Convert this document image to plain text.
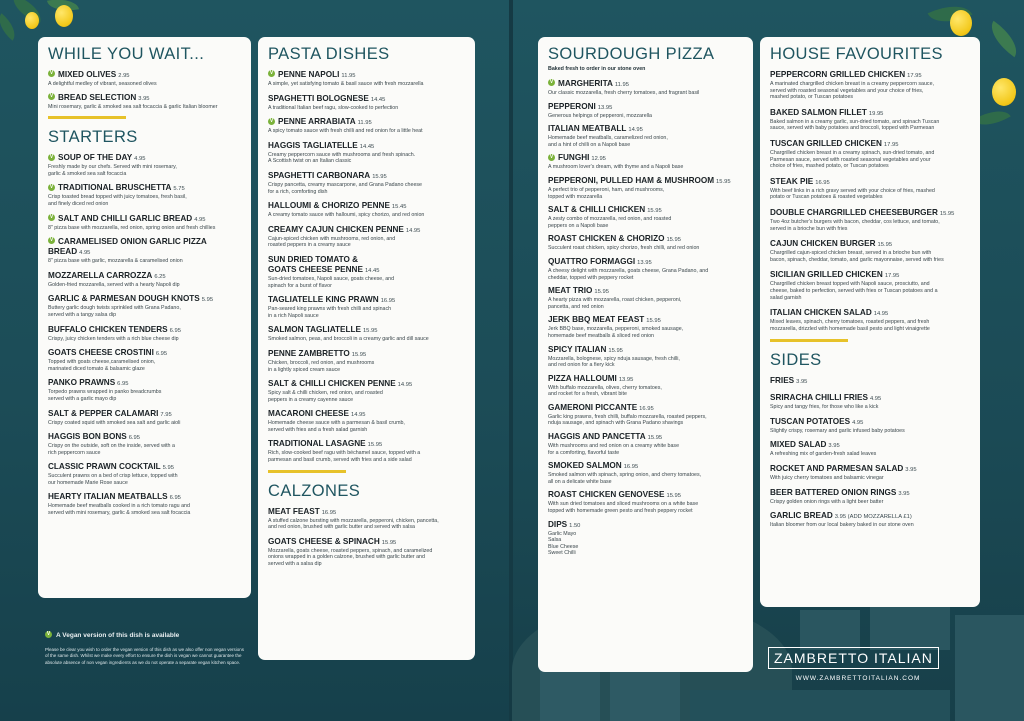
WHILE YOU WAIT...
V MIXED OLIVES 2.95
A delightful medley of vibrant, seasoned olives
V BREAD SELECTION 3.95
Mini rosemary, garlic & smoked sea salt focaccia & garlic Italian bloomer
STARTERS
V SOUP OF THE DAY 4.95
Freshly made by our chefs. Served with mini rosemary,
garlic & smoked sea salt focaccia
V TRADITIONAL BRUSCHETTA 5.75
Crisp toasted bread topped with juicy tomatoes, fresh basil,
and finely diced red onion
V SALT AND CHILLI GARLIC BREAD 4.95
8" pizza base with mozzarella, red onion, spring onion and fresh chillies
V CARAMELISED ONION GARLIC PIZZA BREAD 4.95
8" pizza base with garlic, mozzarella & caramelised onion
MOZZARELLA CARROZZA 6.25
Golden-fried mozzarella, served with a hearty Napoli dip
GARLIC & PARMESAN DOUGH KNOTS 5.95
Buttery garlic dough twists sprinkled with Grana Padano,
served with a tangy salsa dip
BUFFALO CHICKEN TENDERS 6.95
Crispy, juicy chicken tenders with a rich blue cheese dip
GOATS CHEESE CROSTINI 6.95
Topped with goats cheese,caramelised onion,
marinated diced tomato & balsamic glaze
PANKO PRAWNS 6.95
Torpedo prawns wrapped in panko breadcrumbs
served with a garlic mayo dip
SALT & PEPPER CALAMARI 7.95
Crispy coated squid with smoked sea salt and garlic aioli
HAGGIS BON BONS 6.95
Crispy on the outside, soft on the inside, served with a
rich peppercorn sauce
CLASSIC PRAWN COCKTAIL 5.95
Succulent prawns on a bed of crisp lettuce, topped with
our homemade Marie Rose sauce
HEARTY ITALIAN MEATBALLS 6.95
Homemade beef meatballs cooked in a rich tomato ragu and
served with mini rosemary, garlic & smoked sea salt focaccia
PASTA DISHES
V PENNE NAPOLI 11.95
A simple, yet satisfying tomato & basil sauce with fresh mozzarella
SPAGHETTI BOLOGNESE 14.45
A traditional Italian beef ragu, slow-cooked to perfection
V PENNE ARRABIATA 11.95
A spicy tomato sauce with fresh chilli and red onion for a little heat
HAGGIS TAGLIATELLE 14.45
Creamy peppercorn sauce with mushrooms and fresh spinach.
A Scottish twist on an Italian classic
SPAGHETTI CARBONARA 15.95
Crispy pancetta, creamy mascarpone, and Grana Padano cheese
for a rich, comforting dish
HALLOUMI & CHORIZO PENNE 15.45
A creamy tomato sauce with halloumi, spicy chorizo, and red onion
CREAMY CAJUN CHICKEN PENNE 14.95
Cajun-spiced chicken with mushrooms, red onion, and
roasted peppers in a creamy sauce
SUN DRIED TOMATO &
GOATS CHEESE PENNE 14.45
Sun-dried tomatoes, Napoli sauce, goats cheese, and
spinach for a burst of flavor
TAGLIATELLE KING PRAWN 16.95
Pan-seared king prawns with fresh chilli and spinach
in a rich Napoli sauce
SALMON TAGLIATELLE 15.95
Smoked salmon, peas, and broccoli in a creamy garlic and dill sauce
PENNE ZAMBRETTO 15.95
Chicken, broccoli, red onion, and mushrooms
in a lightly spiced cream sauce
SALT & CHILLI CHICKEN PENNE 14.95
Spicy salt & chilli chicken, red onion, and roasted
peppers in a creamy cayenne sauce
MACARONI CHEESE 14.95
Homemade cheese sauce with a parmesan & basil crumb,
served with fries and a fresh salad garnish
TRADITIONAL LASAGNE 15.95
Rich, slow-cooked beef ragu with béchamel sauce, topped with a
parmesan and basil crumb, served with fries and a side salad
CALZONES
MEAT FEAST 16.95
A stuffed calzone bursting with mozzarella, pepperoni, chicken, pancetta,
and red onion, brushed with garlic butter and served with salsa
GOATS CHEESE & SPINACH 15.95
Mozzarella, goats cheese, roasted peppers, spinach, and caramelized
onions wrapped in a golden calzone, brushed with garlic butter and
served with a salsa dip
SOURDOUGH PIZZA
Baked fresh to order in our stone oven
V MARGHERITA 11.95
Our classic mozzarella, fresh cherry tomatoes, and fragrant basil
PEPPERONI 13.95
Generous helpings of pepperoni, mozzarella
ITALIAN MEATBALL 14.95
Homemade beef meatballs, caramelized red onion,
and a hint of chilli on a Napoli base
V FUNGHI 12.95
A mushroom lover's dream, with thyme and a Napoli base
PEPPERONI, PULLED HAM & MUSHROOM 15.95
A perfect trio of pepperoni, ham, and mushrooms,
topped with mozzarella
SALT & CHILLI CHICKEN 15.95
A zesty combo of mozzarella, red onion, and roasted
peppers on a Napoli base
ROAST CHICKEN & CHORIZO 15.95
Succulent roast chicken, spicy chorizo, fresh chilli, and red onion
QUATTRO FORMAGGI 13.95
A cheesy delight with mozzarella, goats cheese, Grana Padano, and
cheddar, topped with peppery rocket
MEAT TRIO 15.95
A hearty pizza with mozzarella, roast chicken, pepperoni,
pancetta, and red onion
JERK BBQ MEAT FEAST 15.95
Jerk BBQ base, mozzarella, pepperoni, smoked sausage,
homemade beef meatballs & sliced red onion
SPICY ITALIAN 15.95
Mozzarella, bolognese, spicy nduja sausage, fresh chilli,
and red onion for a fiery kick
PIZZA HALLOUMI 13.95
With buffalo mozzarella, olives, cherry tomatoes,
and rocket for a fresh, vibrant bite
GAMERONI PICCANTE 16.95
Garlic king prawns, fresh chilli, buffalo mozzarella, roasted peppers,
nduja sausage, and spinach with Grana Padano shavings
HAGGIS AND PANCETTA 15.95
With mushrooms and red onion on a creamy white base
for a comforting, flavorful taste
SMOKED SALMON 16.95
Smoked salmon with spinach, spring onion, and cherry tomatoes,
all on a delicate white base
ROAST CHICKEN GENOVESE 15.95
With sun dried tomatoes and sliced mushrooms on a white base
topped with homemade green pesto and fresh peppery rocket
DIPS 1.50
Garlic Mayo
Salsa
Blue Cheese
Sweet Chilli
HOUSE FAVOURITES
PEPPERCORN GRILLED CHICKEN 17.95
A marinated chargrilled chicken breast in a creamy peppercorn sauce,
served with roasted seasonal vegetables and your choice of fries,
mashed potato, or Tuscan potatoes
BAKED SALMON FILLET 19.95
Baked salmon in a creamy garlic, sun-dried tomato, and spinach Tuscan
sauce, served with baby potatoes and broccoli, topped with Parmesan
TUSCAN GRILLED CHICKEN 17.95
Chargrilled chicken breast in a creamy spinach, sun-dried tomato, and
Parmesan sauce, served with roasted seasonal vegetables and your
choice of fries, mashed potato, or Tuscan potatoes
STEAK PIE 16.95
With beef links in a rich gravy served with your choice of fries, mashed
potato or Tuscan potatoes & roasted vegetables
DOUBLE CHARGRILLED CHEESEBURGER 15.95
Two 4oz butcher's burgers with bacon, cheddar, cos lettuce, and tomato,
served in a brioche bun with fries
CAJUN CHICKEN BURGER 15.95
Chargrilled cajun-spiced chicken breast, served in a brioche bun with
bacon, spinach, cheddar, tomato, and garlic mayonnaise, served with fries
SICILIAN GRILLED CHICKEN 17.95
Chargrilled chicken breast topped with Napoli sauce, prosciutto, and
cheese, baked to perfection, served with fries or Tuscan potatoes and a
salad garnish
ITALIAN CHICKEN SALAD 14.95
Mixed leaves, spinach, cherry tomatoes, roasted peppers, and fresh
mozzarella, drizzled with homemade basil pesto and light vinaigrette
SIDES
FRIES 3.95
SRIRACHA CHILLI FRIES 4.95
Spicy and tangy fries, for those who like a kick
TUSCAN POTATOES 4.95
Slightly crispy, rosemary and garlic infused baby potatoes
MIXED SALAD 3.95
A refreshing mix of garden-fresh salad leaves
ROCKET AND PARMESAN SALAD 3.95
With juicy cherry tomatoes and balsamic vinegar
BEER BATTERED ONION RINGS 3.95
Crispy golden onion rings with a light beer batter
GARLIC BREAD 3.95 (ADD MOZZARELLA £1)
Italian bloomer from our local bakery baked in our stone oven
V A Vegan version of this dish is available
Please be clear you wish to order the vegan version of this dish as we also offer non vegan versions of the same dish. Whilst we make every effort to ensure the dish is vegan we cannot guarantee the absolute absence of non vegan ingredients as we do not operate a separate vegan kitchen space.	ZAMBRETTO ITALIAN
WWW.ZAMBRETTOITALIAN.COM
